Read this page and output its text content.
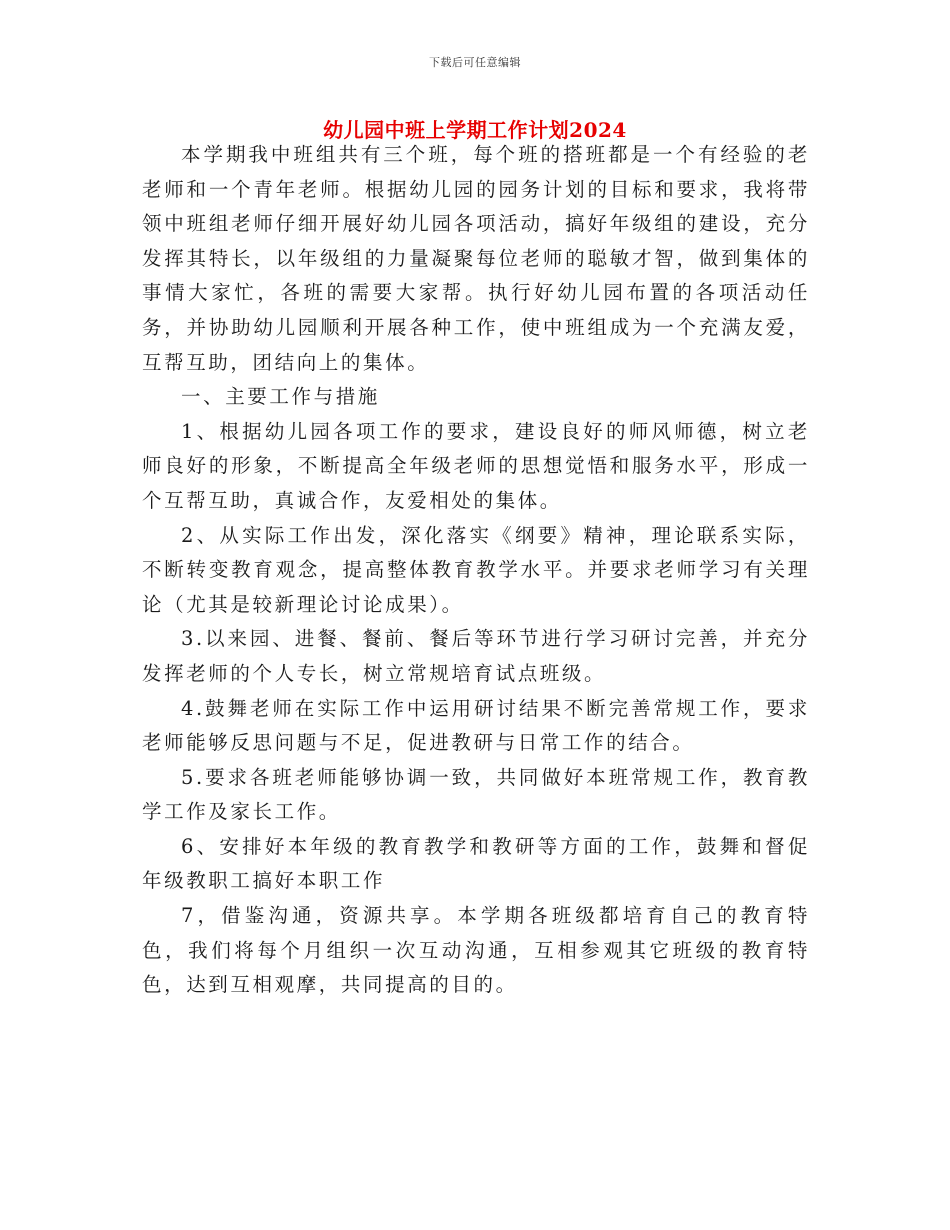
下载后可任意编辑
幼儿园中班上学期工作计划2024

本学期我中班组共有三个班，每个班的搭班都是一个有经验的老老师和一个青年老师。根据幼儿园的园务计划的目标和要求，我将带领中班组老师仔细开展好幼儿园各项活动，搞好年级组的建设，充分发挥其特长，以年级组的力量凝聚每位老师的聪敏才智，做到集体的事情大家忙，各班的需要大家帮。执行好幼儿园布置的各项活动任务，并协助幼儿园顺利开展各种工作，使中班组成为一个充满友爱，互帮互助，团结向上的集体。

一、主要工作与措施

1、根据幼儿园各项工作的要求，建设良好的师风师德，树立老师良好的形象，不断提高全年级老师的思想觉悟和服务水平，形成一个互帮互助，真诚合作，友爱相处的集体。

2、从实际工作出发，深化落实《纲要》精神，理论联系实际，不断转变教育观念，提高整体教育教学水平。并要求老师学习有关理论（尤其是较新理论讨论成果）。

3.以来园、进餐、餐前、餐后等环节进行学习研讨完善，并充分发挥老师的个人专长，树立常规培育试点班级。

4.鼓舞老师在实际工作中运用研讨结果不断完善常规工作，要求老师能够反思问题与不足，促进教研与日常工作的结合。

5.要求各班老师能够协调一致，共同做好本班常规工作，教育教学工作及家长工作。

6、安排好本年级的教育教学和教研等方面的工作，鼓舞和督促年级教职工搞好本职工作

7，借鉴沟通，资源共享。本学期各班级都培育自己的教育特色，我们将每个月组织一次互动沟通，互相参观其它班级的教育特色，达到互相观摩，共同提高的目的。
